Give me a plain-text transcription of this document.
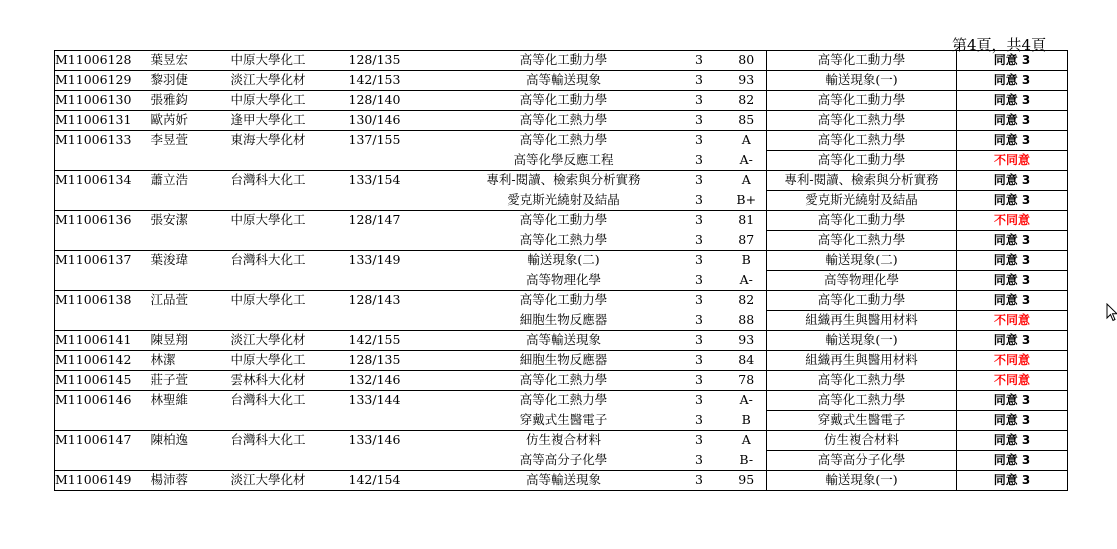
第4頁，共4頁
M11006128	葉昱宏	中原大學化工	128/135	高等化工動力學	3	80	高等化工動力學	同意 3
M11006129	黎羽倢	淡江大學化材	142/153	高等輸送現象	3	93	輸送現象(一)	同意 3
M11006130	張雅鈞	中原大學化工	128/140	高等化工動力學	3	82	高等化工動力學	同意 3
M11006131	歐芮妡	逢甲大學化工	130/146	高等化工熱力學	3	85	高等化工熱力學	同意 3
M11006133	李昱萱	東海大學化材	137/155	高等化工熱力學	3	A	高等化工熱力學	同意 3
				高等化學反應工程	3	A-	高等化工動力學	不同意
M11006134	蕭立浩	台灣科大化工	133/154	專利-閱讀、檢索與分析實務	3	A	專利-閱讀、檢索與分析實務	同意 3
				愛克斯光繞射及結晶	3	B+	愛克斯光繞射及結晶	同意 3
M11006136	張安潔	中原大學化工	128/147	高等化工動力學	3	81	高等化工動力學	不同意
				高等化工熱力學	3	87	高等化工熱力學	同意 3
M11006137	葉浚瑋	台灣科大化工	133/149	輸送現象(二)	3	B	輸送現象(二)	同意 3
				高等物理化學	3	A-	高等物理化學	同意 3
M11006138	江品萱	中原大學化工	128/143	高等化工動力學	3	82	高等化工動力學	同意 3
				細胞生物反應器	3	88	組織再生與醫用材料	不同意
M11006141	陳昱翔	淡江大學化材	142/155	高等輸送現象	3	93	輸送現象(一)	同意 3
M11006142	林潔	中原大學化工	128/135	細胞生物反應器	3	84	組織再生與醫用材料	不同意
M11006145	莊子萱	雲林科大化材	132/146	高等化工熱力學	3	78	高等化工熱力學	不同意
M11006146	林聖維	台灣科大化工	133/144	高等化工熱力學	3	A-	高等化工熱力學	同意 3
				穿戴式生醫電子	3	B	穿戴式生醫電子	同意 3
M11006147	陳柏逸	台灣科大化工	133/146	仿生複合材料	3	A	仿生複合材料	同意 3
				高等高分子化學	3	B-	高等高分子化學	同意 3
M11006149	楊沛蓉	淡江大學化材	142/154	高等輸送現象	3	95	輸送現象(一)	同意 3
